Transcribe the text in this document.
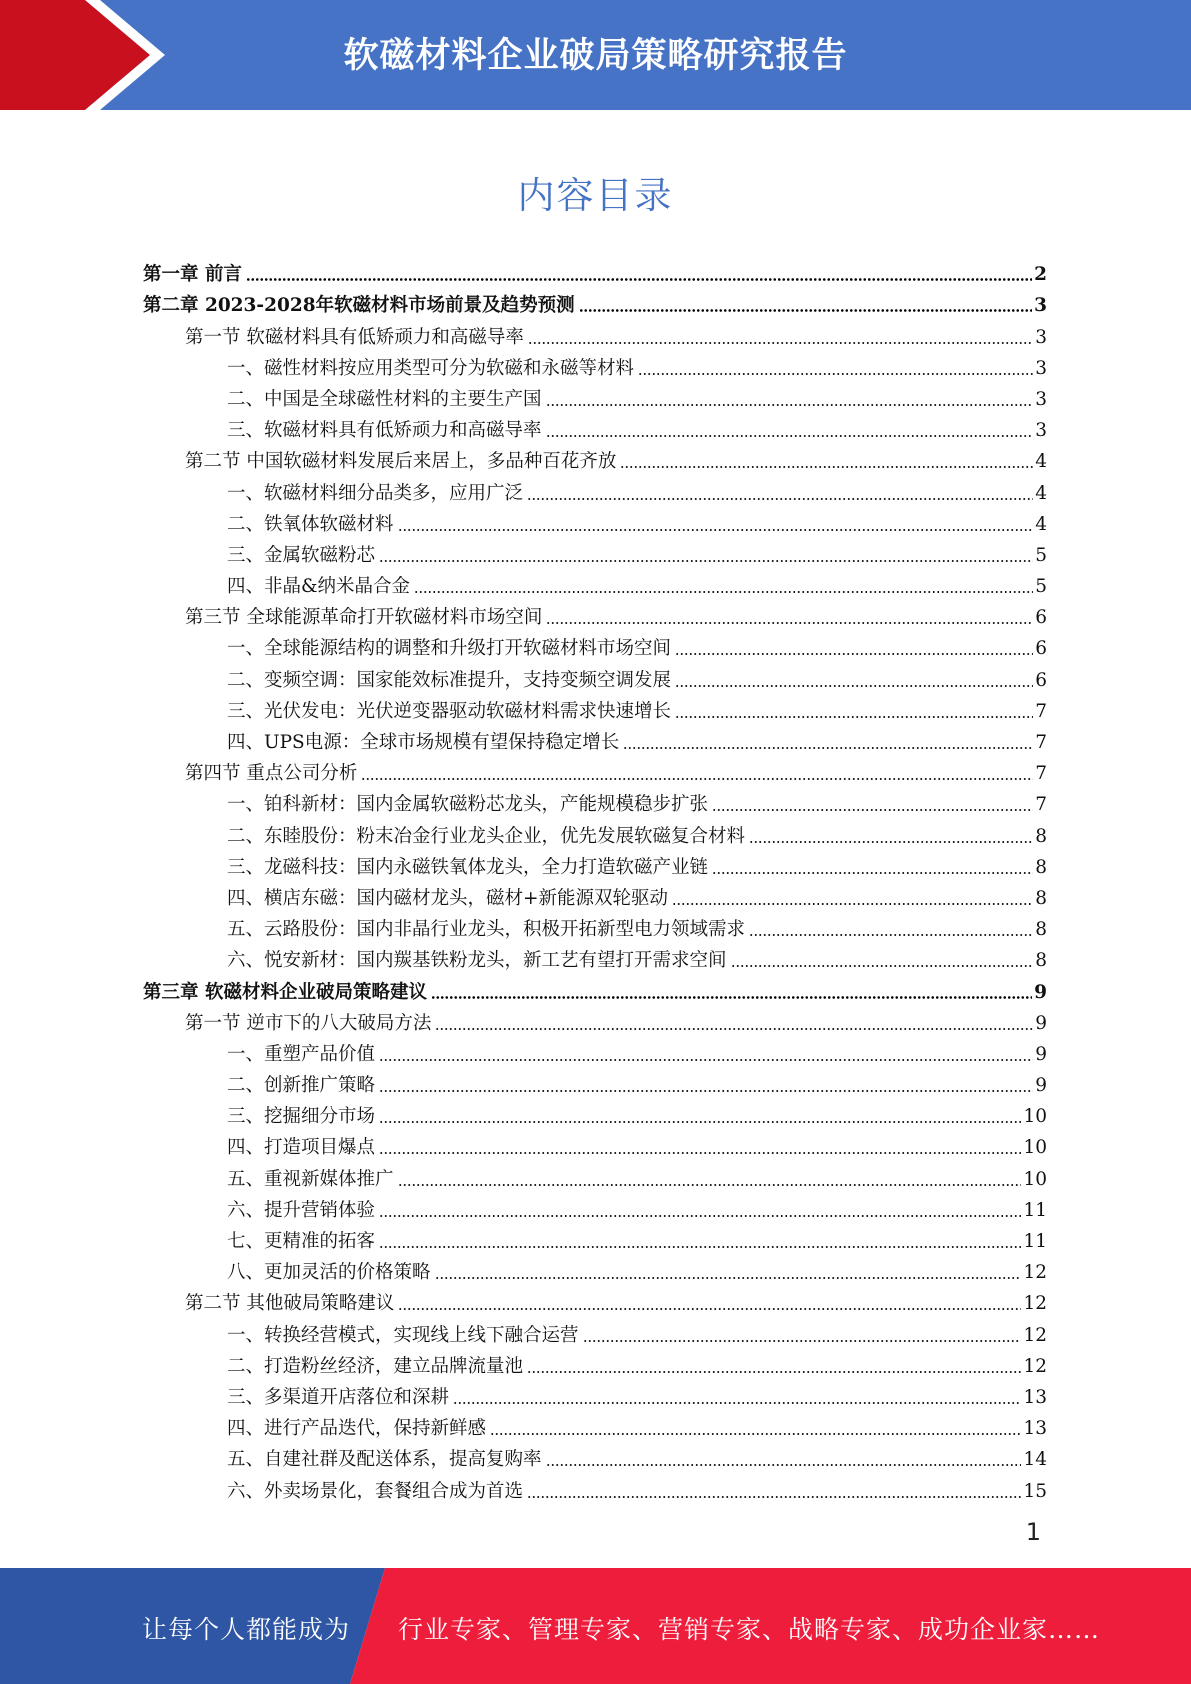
软磁材料企业破局策略研究报告
内容目录
第一章 前言	2
第二章 2023-2028年软磁材料市场前景及趋势预测	3
第一节 软磁材料具有低矫顽力和高磁导率	3
一、磁性材料按应用类型可分为软磁和永磁等材料	3
二、中国是全球磁性材料的主要生产国	3
三、软磁材料具有低矫顽力和高磁导率	3
第二节 中国软磁材料发展后来居上，多品种百花齐放	4
一、软磁材料细分品类多，应用广泛	4
二、铁氧体软磁材料	4
三、金属软磁粉芯	5
四、非晶&纳米晶合金	5
第三节 全球能源革命打开软磁材料市场空间	6
一、全球能源结构的调整和升级打开软磁材料市场空间	6
二、变频空调：国家能效标准提升，支持变频空调发展	6
三、光伏发电：光伏逆变器驱动软磁材料需求快速增长	7
四、UPS电源：全球市场规模有望保持稳定增长	7
第四节 重点公司分析	7
一、铂科新材：国内金属软磁粉芯龙头，产能规模稳步扩张	7
二、东睦股份：粉末冶金行业龙头企业，优先发展软磁复合材料	8
三、龙磁科技：国内永磁铁氧体龙头，全力打造软磁产业链	8
四、横店东磁：国内磁材龙头，磁材+新能源双轮驱动	8
五、云路股份：国内非晶行业龙头，积极开拓新型电力领域需求	8
六、悦安新材：国内羰基铁粉龙头，新工艺有望打开需求空间	8
第三章 软磁材料企业破局策略建议	9
第一节 逆市下的八大破局方法	9
一、重塑产品价值	9
二、创新推广策略	9
三、挖掘细分市场	10
四、打造项目爆点	10
五、重视新媒体推广	10
六、提升营销体验	11
七、更精准的拓客	11
八、更加灵活的价格策略	12
第二节 其他破局策略建议	12
一、转换经营模式，实现线上线下融合运营	12
二、打造粉丝经济，建立品牌流量池	12
三、多渠道开店落位和深耕	13
四、进行产品迭代，保持新鲜感	13
五、自建社群及配送体系，提高复购率	14
六、外卖场景化，套餐组合成为首选	15
1
让每个人都能成为 行业专家、管理专家、营销专家、战略专家、成功企业家……
